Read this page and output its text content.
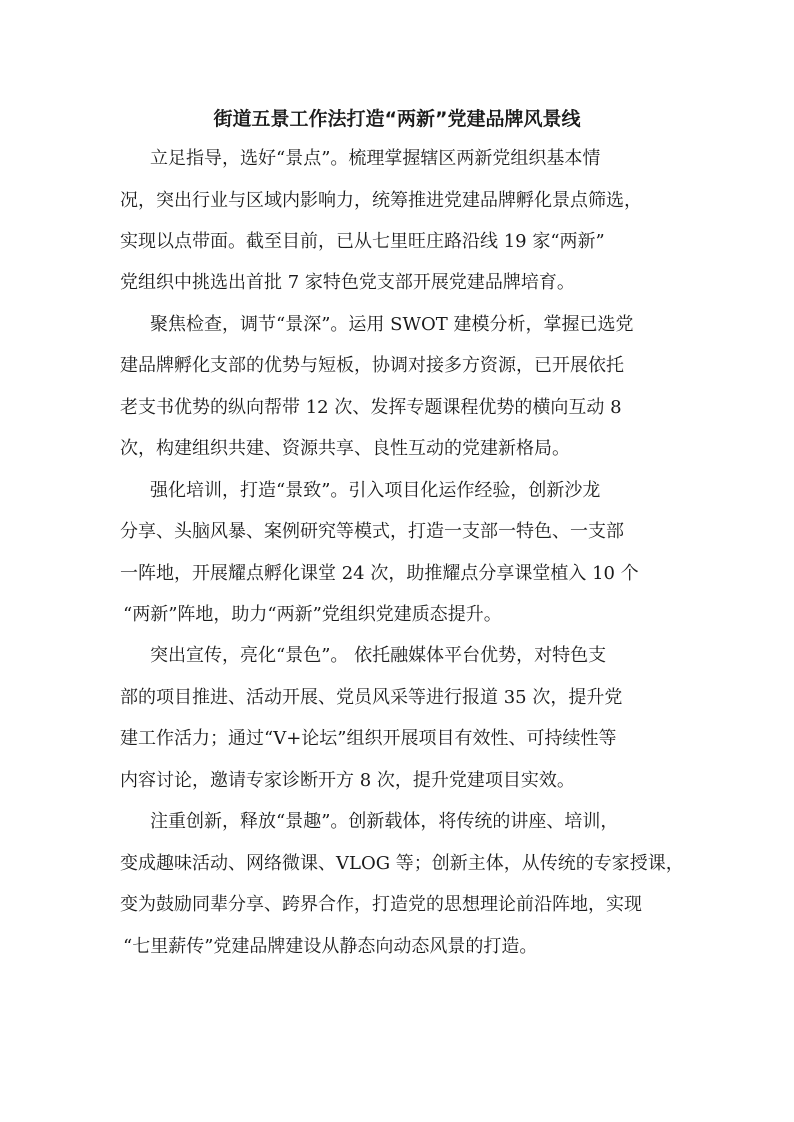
街道五景工作法打造“两新”党建品牌风景线

立足指导，选好“景点”。梳理掌握辖区两新党组织基本情

况，突出行业与区域内影响力，统筹推进党建品牌孵化景点筛选，

实现以点带面。截至目前，已从七里旺庄路沿线 19 家“两新”

党组织中挑选出首批 7 家特色党支部开展党建品牌培育。

聚焦检查，调节“景深”。运用 SWOT 建模分析，掌握已选党

建品牌孵化支部的优势与短板，协调对接多方资源，已开展依托

老支书优势的纵向帮带 12 次、发挥专题课程优势的横向互动 8

次，构建组织共建、资源共享、良性互动的党建新格局。

强化培训，打造“景致”。引入项目化运作经验，创新沙龙

分享、头脑风暴、案例研究等模式，打造一支部一特色、一支部

一阵地，开展耀点孵化课堂 24 次，助推耀点分享课堂植入 10 个

“两新”阵地，助力“两新”党组织党建质态提升。

突出宣传，亮化“景色”。 依托融媒体平台优势，对特色支

部的项目推进、活动开展、党员风采等进行报道 35 次，提升党

建工作活力；通过“V+论坛”组织开展项目有效性、可持续性等

内容讨论，邀请专家诊断开方 8 次，提升党建项目实效。

注重创新，释放“景趣”。创新载体，将传统的讲座、培训，

变成趣味活动、网络微课、VLOG 等；创新主体，从传统的专家授课，

变为鼓励同辈分享、跨界合作，打造党的思想理论前沿阵地，实现

“七里薪传”党建品牌建设从静态向动态风景的打造。
